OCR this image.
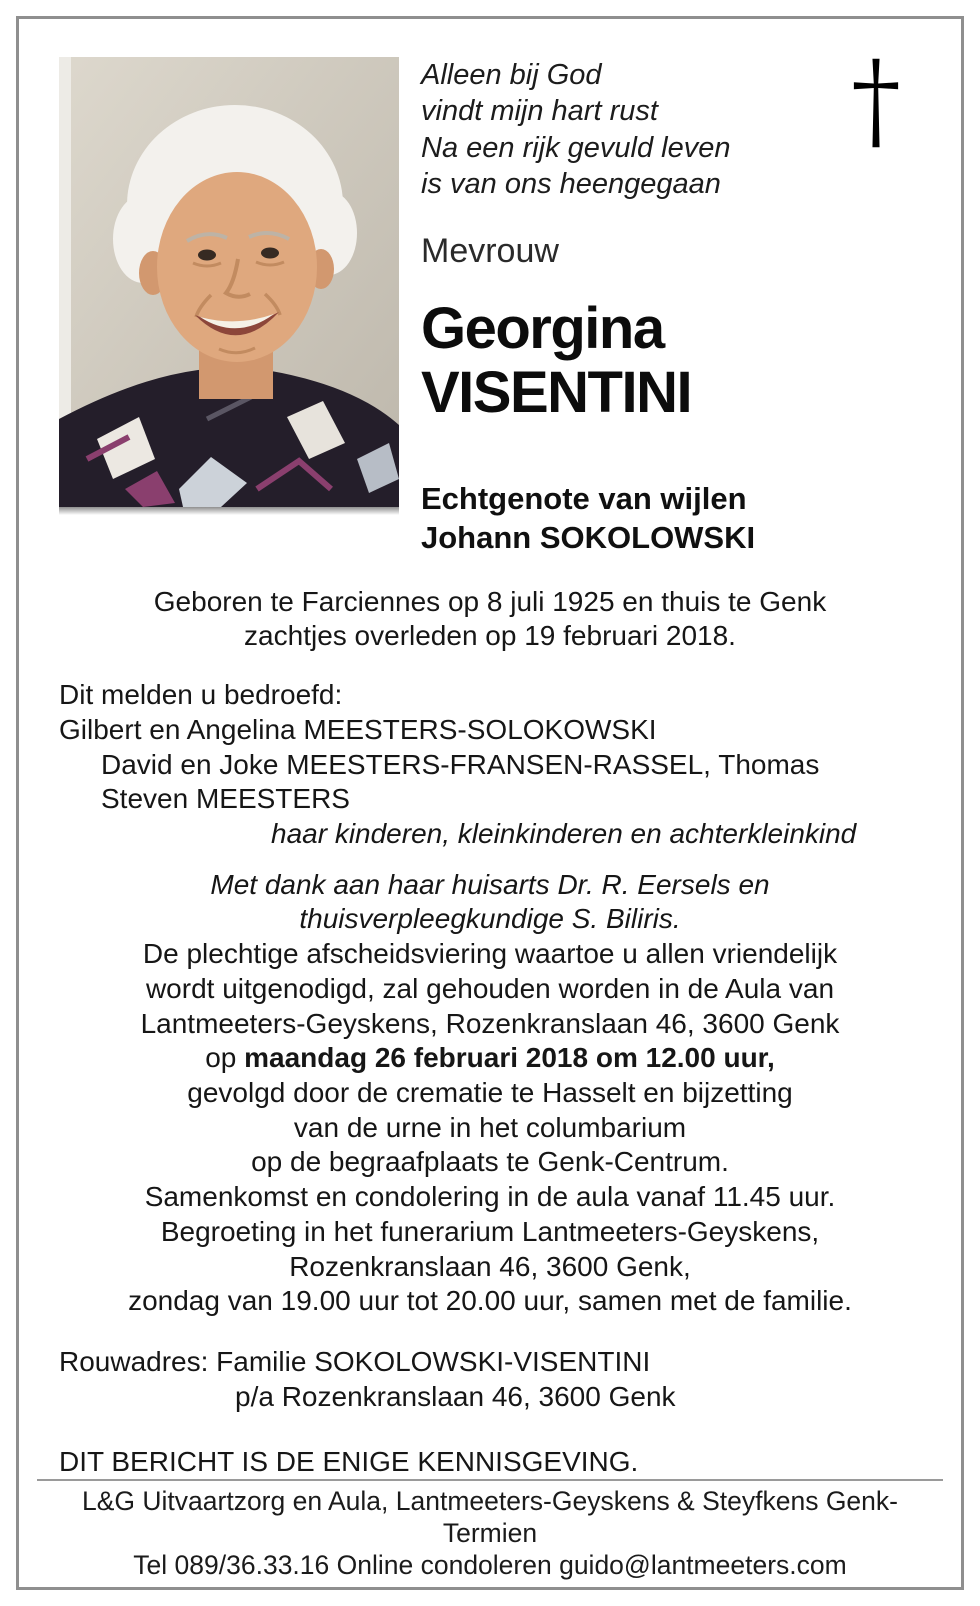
Alleen bij God
vindt mijn hart rust
Na een rijk gevuld leven
is van ons heengegaan
Mevrouw
Georgina
VISENTINI
Echtgenote van wijlen
Johann SOKOLOWSKI
Geboren te Farciennes op 8 juli 1925 en thuis te Genk
zachtjes overleden op 19 februari 2018.
Dit melden u bedroefd:
Gilbert en Angelina MEESTERS-SOLOKOWSKI
David en Joke MEESTERS-FRANSEN-RASSEL, Thomas
Steven MEESTERS
haar kinderen, kleinkinderen en achterkleinkind
Met dank aan haar huisarts Dr. R. Eersels en
thuisverpleegkundige S. Biliris.
De plechtige afscheidsviering waartoe u allen vriendelijk
wordt uitgenodigd, zal gehouden worden in de Aula van
Lantmeeters-Geyskens, Rozenkranslaan 46, 3600 Genk
op maandag 26 februari 2018 om 12.00 uur,
gevolgd door de crematie te Hasselt en bijzetting
van de urne in het columbarium
op de begraafplaats te Genk-Centrum.
Samenkomst en condolering in de aula vanaf 11.45 uur.
Begroeting in het funerarium Lantmeeters-Geyskens,
Rozenkranslaan 46, 3600 Genk,
zondag van 19.00 uur tot 20.00 uur, samen met de familie.
Rouwadres: Familie SOKOLOWSKI-VISENTINI
p/a Rozenkranslaan 46, 3600 Genk
DIT BERICHT IS DE ENIGE KENNISGEVING.
L&G Uitvaartzorg en Aula, Lantmeeters-Geyskens & Steyfkens Genk-Termien
Tel 089/36.33.16 Online condoleren guido@lantmeeters.com
